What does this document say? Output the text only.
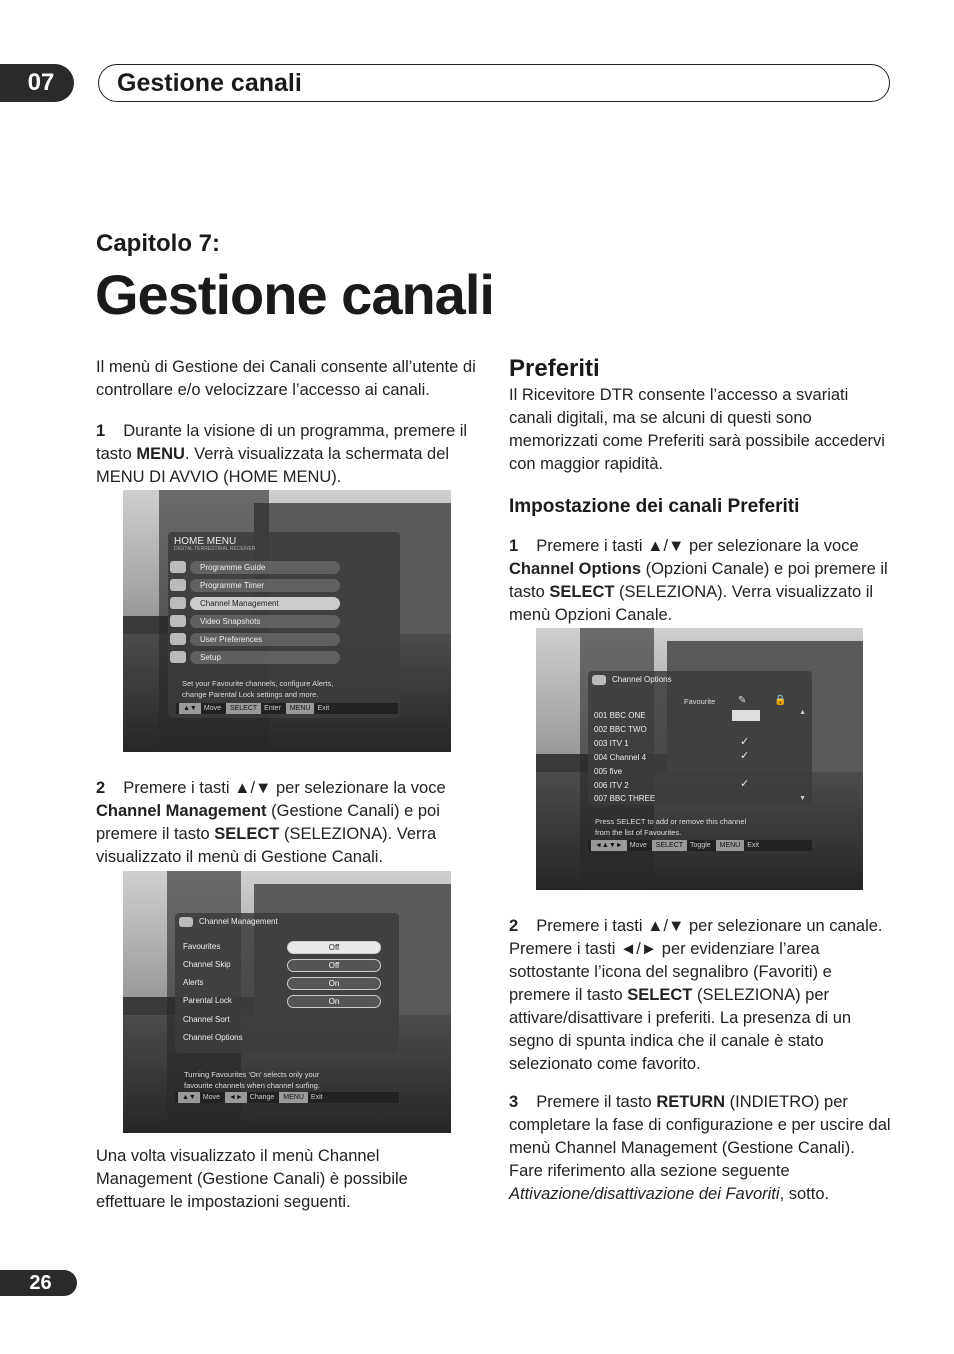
07	Gestione canali
Capitolo 7:
Gestione canali

Il menù di Gestione dei Canali consente all’utente di controllare e/o velocizzare l’accesso ai canali.

1 Durante la visione di un programma, premere il tasto MENU. Verrà visualizzata la schermata del MENU DI AVVIO (HOME MENU).

HOME MENU
DIGITAL TERRESTRIAL RECEIVER
Programme Guide
Programme Timer
Channel Management
Video Snapshots
User Preferences
Setup
Set your Favourite channels, configure Alerts,
change Parental Lock settings and more.
▲▼ Move SELECT Enter MENU Exit

2 Premere i tasti ▲/▼ per selezionare la voce Channel Management (Gestione Canali) e poi premere il tasto SELECT (SELEZIONA). Verra visualizzato il menù di Gestione Canali.

Channel Management
Favourites	Off
Channel Skip	Off
Alerts	On
Parental Lock	On
Channel Sort
Channel Options
Turning Favourites ‘On’ selects only your
favourite channels when channel surfing.
▲▼ Move ◄► Change MENU Exit

Una volta visualizzato il menù Channel Management (Gestione Canali) è possibile effettuare le impostazioni seguenti.

Preferiti

Il Ricevitore DTR consente l’accesso a svariati canali digitali, ma se alcuni di questi sono memorizzati come Preferiti sarà possibile accedervi con maggior rapidità.

Impostazione dei canali Preferiti

1 Premere i tasti ▲/▼ per selezionare la voce Channel Options (Opzioni Canale) e poi premere il tasto SELECT (SELEZIONA). Verra visualizzato il menù Opzioni Canale.

Channel Options
Favourite ✎	🔒
001 BBC ONE
002 BBC TWO
003 ITV 1	✓
004 Channel 4	✓
005 five
006 ITV 2	✓
007 BBC THREE
▲
▼
Press SELECT to add or remove this channel
from the list of Favourites.
◄▲▼► Move SELECT Toggle MENU Exit

2 Premere i tasti ▲/▼ per selezionare un canale. Premere i tasti ◄/► per evidenziare l’area sottostante l’icona del segnalibro (Favoriti) e premere il tasto SELECT (SELEZIONA) per attivare/disattivare i preferiti. La presenza di un segno di spunta indica che il canale è stato selezionato come favorito.

3 Premere il tasto RETURN (INDIETRO) per completare la fase di configurazione e per uscire dal menù Channel Management (Gestione Canali). Fare riferimento alla sezione seguente Attivazione/disattivazione dei Favoriti, sotto.

26
